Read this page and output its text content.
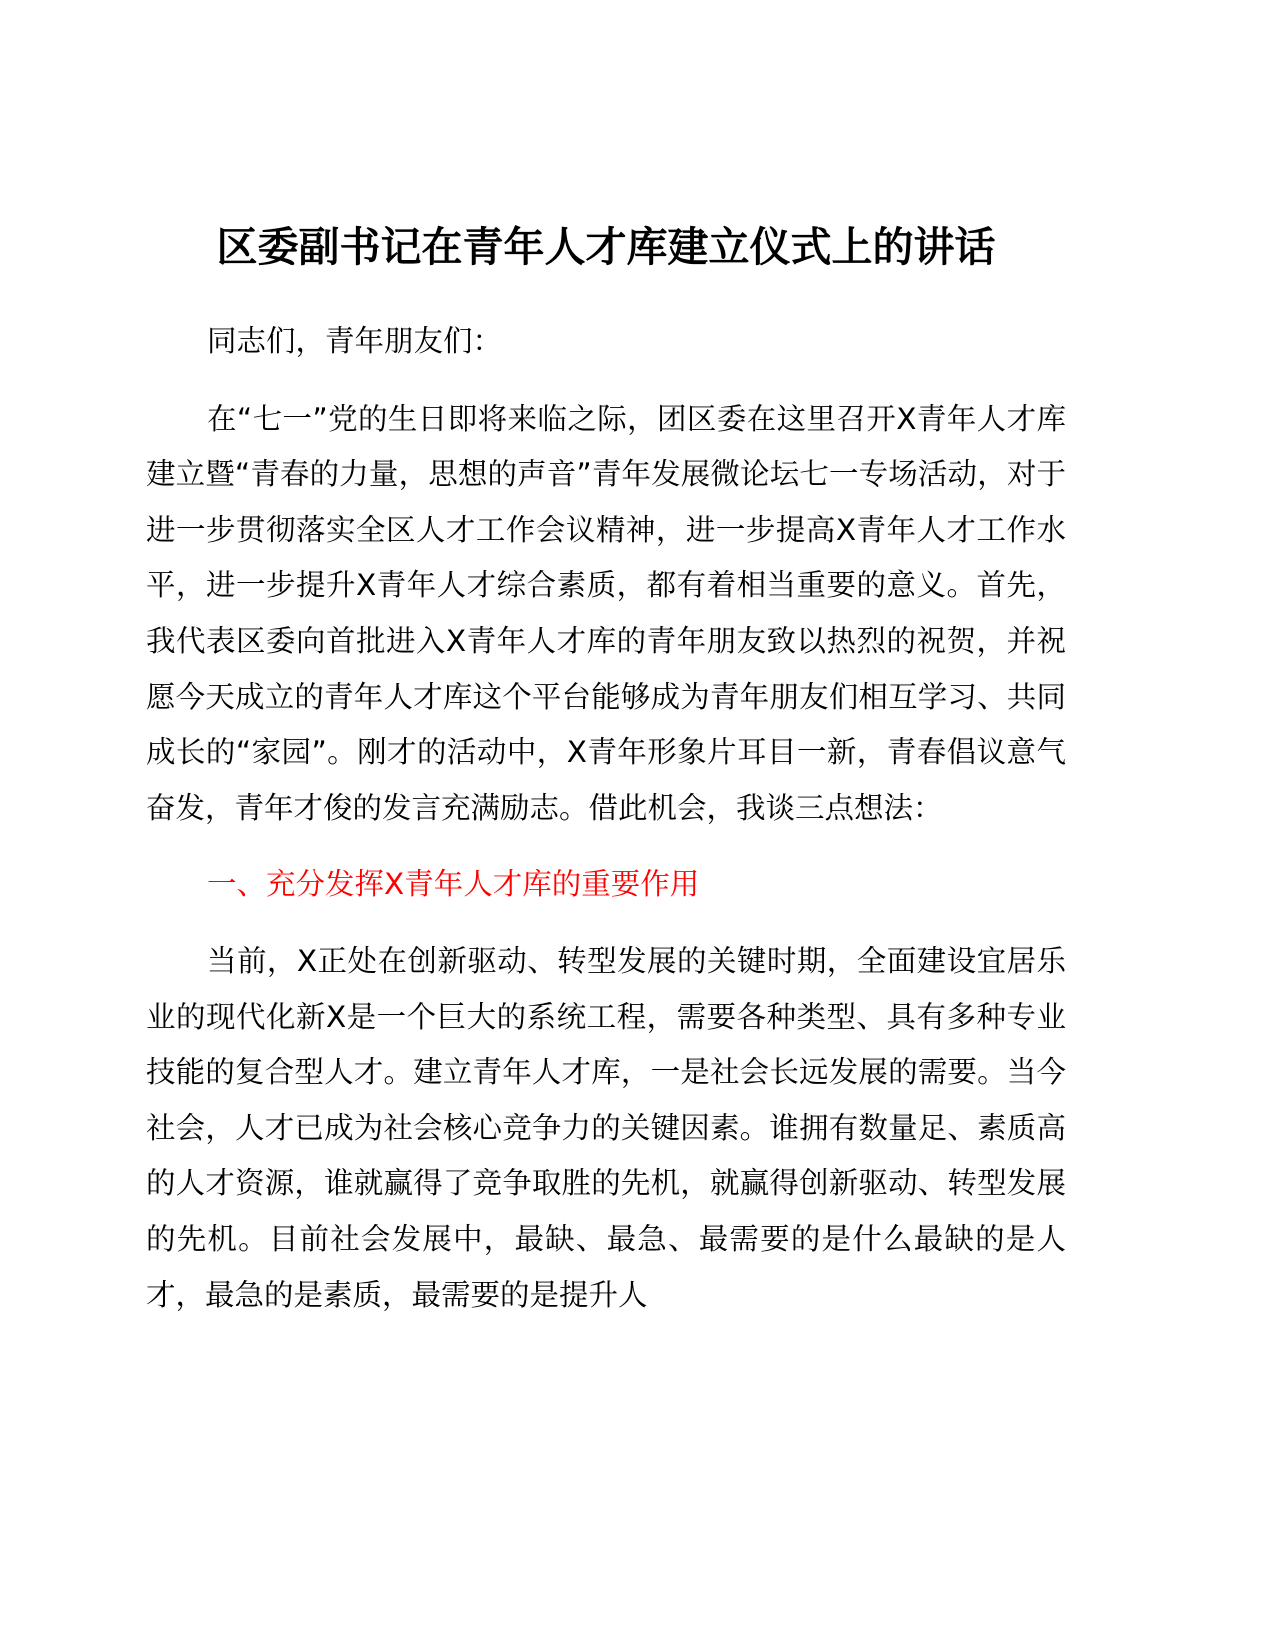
区委副书记在青年人才库建立仪式上的讲话

同志们，青年朋友们：

在“七一”党的生日即将来临之际，团区委在这里召开X青年人才库建立暨“青春的力量，思想的声音”青年发展微论坛七一专场活动，对于进一步贯彻落实全区人才工作会议精神，进一步提高X青年人才工作水平，进一步提升X青年人才综合素质，都有着相当重要的意义。首先，我代表区委向首批进入X青年人才库的青年朋友致以热烈的祝贺，并祝愿今天成立的青年人才库这个平台能够成为青年朋友们相互学习、共同成长的“家园”。刚才的活动中，X青年形象片耳目一新，青春倡议意气奋发，青年才俊的发言充满励志。借此机会，我谈三点想法：

一、充分发挥X青年人才库的重要作用

当前，X正处在创新驱动、转型发展的关键时期，全面建设宜居乐业的现代化新X是一个巨大的系统工程，需要各种类型、具有多种专业技能的复合型人才。建立青年人才库，一是社会长远发展的需要。当今社会，人才已成为社会核心竞争力的关键因素。谁拥有数量足、素质高的人才资源，谁就赢得了竞争取胜的先机，就赢得创新驱动、转型发展的先机。目前社会发展中，最缺、最急、最需要的是什么最缺的是人才，最急的是素质，最需要的是提升人
